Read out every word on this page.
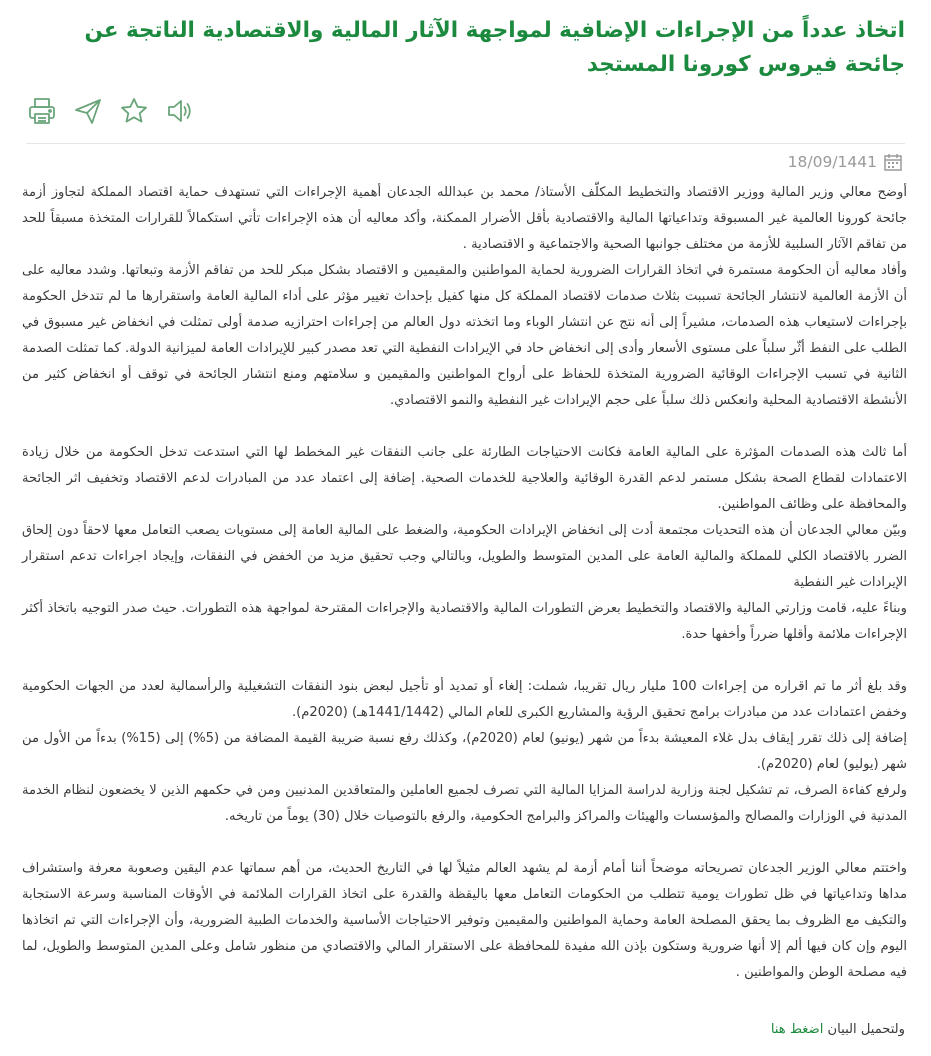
اتخاذ عدداً من الإجراءات الإضافية لمواجهة الآثار المالية والاقتصادية الناتجة عن جائحة فيروس كورونا المستجد
18/09/1441

أوضح معالي وزير المالية ووزير الاقتصاد والتخطيط المكلّف الأستاذ/ محمد بن عبدالله الجدعان أهمية الإجراءات التي تستهدف حماية اقتصاد المملكة لتجاوز أزمة جائحة كورونا العالمية غير المسبوقة وتداعياتها المالية والاقتصادية بأقل الأضرار الممكنة، وأكد معاليه أن هذه الإجراءات تأتي استكمالاً للقرارات المتخذة مسبقاً للحد من تفاقم الآثار السلبية للأزمة من مختلف جوانبها الصحية والاجتماعية و الاقتصادية .

وأفاد معاليه أن الحكومة مستمرة في اتخاذ القرارات الضرورية لحماية المواطنين والمقيمين و الاقتصاد بشكل مبكر للحد من تفاقم الأزمة وتبعاتها. وشدد معاليه على أن الأزمة العالمية لانتشار الجائحة تسببت بثلاث صدمات لاقتصاد المملكة كل منها كفيل بإحداث تغيير مؤثر على أداء المالية العامة واستقرارها ما لم تتدخل الحكومة بإجراءات لاستيعاب هذه الصدمات، مشيراً إلى أنه نتج عن انتشار الوباء وما اتخذته دول العالم من إجراءات احترازيه صدمة أولى تمثلت في انخفاض غير مسبوق في الطلب على النفط أثّر سلباً على مستوى الأسعار وأدى إلى انخفاض حاد في الإيرادات النفطية التي تعد مصدر كبير للإيرادات العامة لميزانية الدولة. كما تمثلت الصدمة الثانية في تسبب الإجراءات الوقائية الضرورية المتخذة للحفاظ على أرواح المواطنين والمقيمين و سلامتهم ومنع انتشار الجائحة في توقف أو انخفاض كثير من الأنشطة الاقتصادية المحلية وانعكس ذلك سلباً على حجم الإيرادات غير النفطية والنمو الاقتصادي.

أما ثالث هذه الصدمات المؤثرة على المالية العامة فكانت الاحتياجات الطارئة على جانب النفقات غير المخطط لها التي استدعت تدخل الحكومة من خلال زيادة الاعتمادات لقطاع الصحة بشكل مستمر لدعم القدرة الوقائية والعلاجية للخدمات الصحية. إضافة إلى اعتماد عدد من المبادرات لدعم الاقتصاد وتخفيف اثر الجائحة والمحافظة على وظائف المواطنين.

وبيّن معالي الجدعان أن هذه التحديات مجتمعة أدت إلى انخفاض الإيرادات الحكومية، والضغط على المالية العامة إلى مستويات يصعب التعامل معها لاحقاً دون إلحاق الضرر بالاقتصاد الكلي للمملكة والمالية العامة على المدين المتوسط والطويل، وبالتالي وجب تحقيق مزيد من الخفض في النفقات، وإيجاد اجراءات تدعم استقرار الإيرادات غير النفطية

وبناءً عليه، قامت وزارتي المالية والاقتصاد والتخطيط بعرض التطورات المالية والاقتصادية والإجراءات المقترحة لمواجهة هذه التطورات. حيث صدر التوجيه باتخاذ أكثر الإجراءات ملائمة وأقلها ضرراً وأخفها حدة.

وقد بلغ أثر ما تم اقراره من إجراءات 100 مليار ريال تقريبا، شملت: إلغاء أو تمديد أو تأجيل لبعض بنود النفقات التشغيلية والرأسمالية لعدد من الجهات الحكومية وخفض اعتمادات عدد من مبادرات برامج تحقيق الرؤية والمشاريع الكبرى للعام المالي (1441/1442هـ) (2020م).

إضافة إلى ذلك تقرر إيقاف بدل غلاء المعيشة بدءاً من شهر (يونيو) لعام (2020م)، وكذلك رفع نسبة ضريبة القيمة المضافة من (5%) إلى (15%) بدءاً من الأول من شهر (يوليو) لعام (2020م).

ولرفع كفاءة الصرف، تم تشكيل لجنة وزارية لدراسة المزايا المالية التي تصرف لجميع العاملين والمتعاقدين المدنيين ومن في حكمهم الذين لا يخضعون لنظام الخدمة المدنية في الوزارات والمصالح والمؤسسات والهيئات والمراكز والبرامج الحكومية، والرفع بالتوصيات خلال (30) يوماً من تاريخه.

واختتم معالي الوزير الجدعان تصريحاته موضحاً أننا أمام أزمة لم يشهد العالم مثيلاً لها في التاريخ الحديث، من أهم سماتها عدم اليقين وصعوبة معرفة واستشراف مداها وتداعياتها في ظل تطورات يومية تتطلب من الحكومات التعامل معها باليقظة والقدرة على اتخاذ القرارات الملائمة في الأوقات المناسبة وسرعة الاستجابة والتكيف مع الظروف بما يحقق المصلحة العامة وحماية المواطنين والمقيمين وتوفير الاحتياجات الأساسية والخدمات الطبية الضرورية، وأن الإجراءات التي تم اتخاذها اليوم وإن كان فيها ألم إلا أنها ضرورية وستكون بإذن الله مفيدة للمحافظة على الاستقرار المالي والاقتصادي من منظور شامل وعلى المدين المتوسط والطويل، لما فيه مصلحة الوطن والمواطنين .

ولتحميل البيان اضغط هنا
